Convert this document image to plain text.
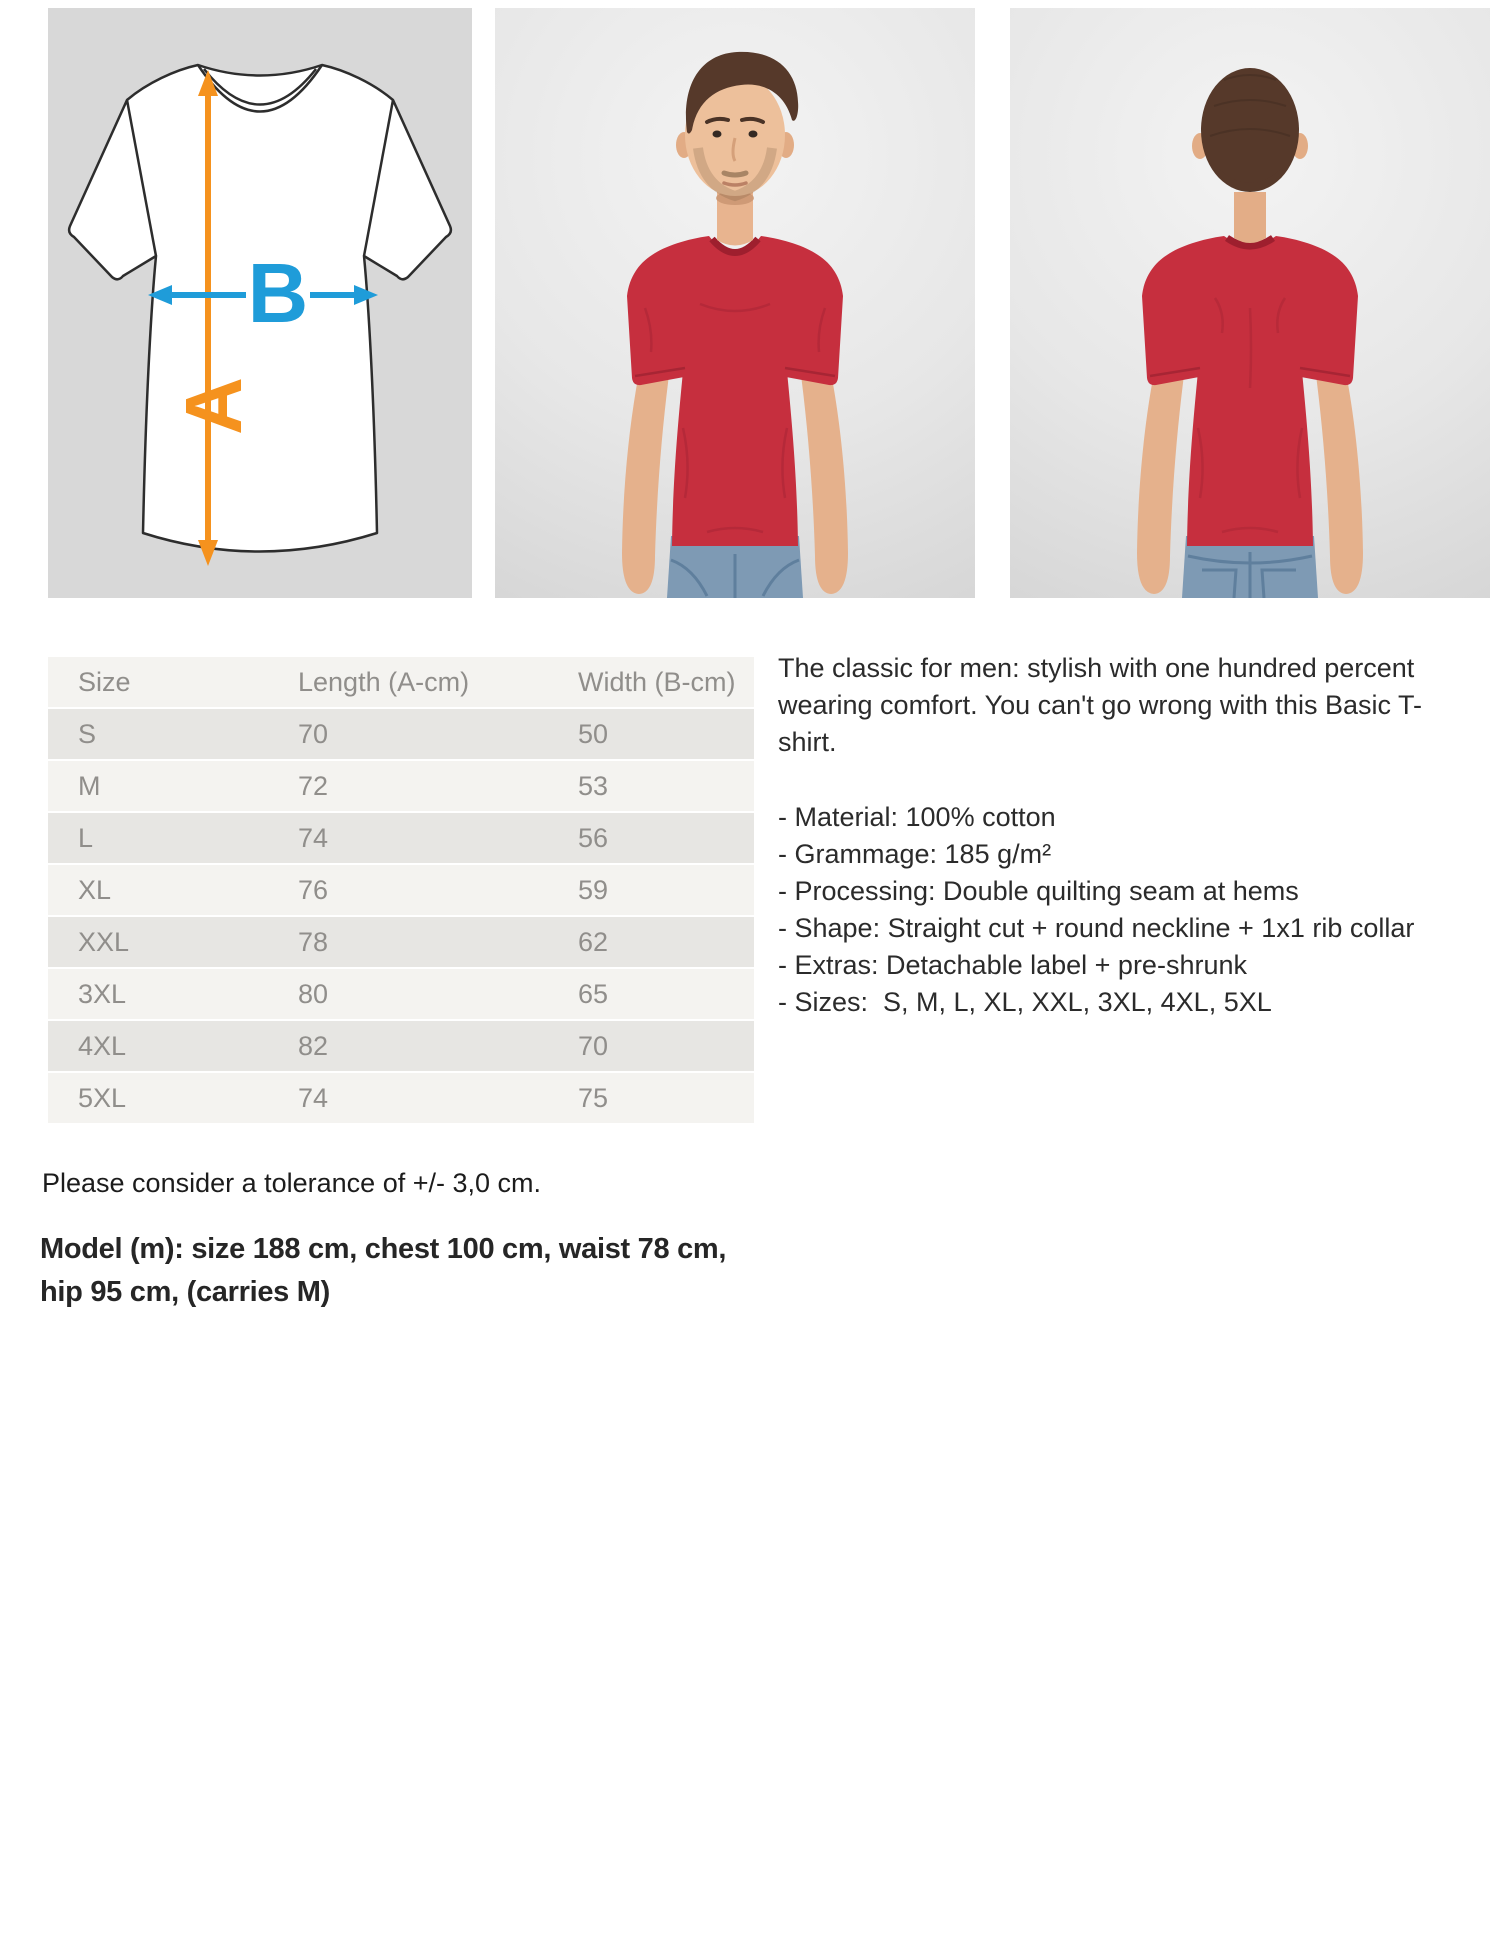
A
B
Size	Length (A-cm)	Width (B-cm)
S	70	50
M	72	53
L	74	56
XL	76	59
XXL	78	62
3XL	80	65
4XL	82	70
5XL	74	75

The classic for men: stylish with one hundred percent wearing comfort. You can't go wrong with this Basic T-shirt.

- Material: 100% cotton
- Grammage: 185 g/m²
- Processing: Double quilting seam at hems
- Shape: Straight cut + round neckline + 1x1 rib collar
- Extras: Detachable label + pre-shrunk
- Sizes:  S, M, L, XL, XXL, 3XL, 4XL, 5XL

Please consider a tolerance of +/- 3,0 cm.

Model (m): size 188 cm, chest 100 cm, waist 78 cm, hip 95 cm, (carries M)
